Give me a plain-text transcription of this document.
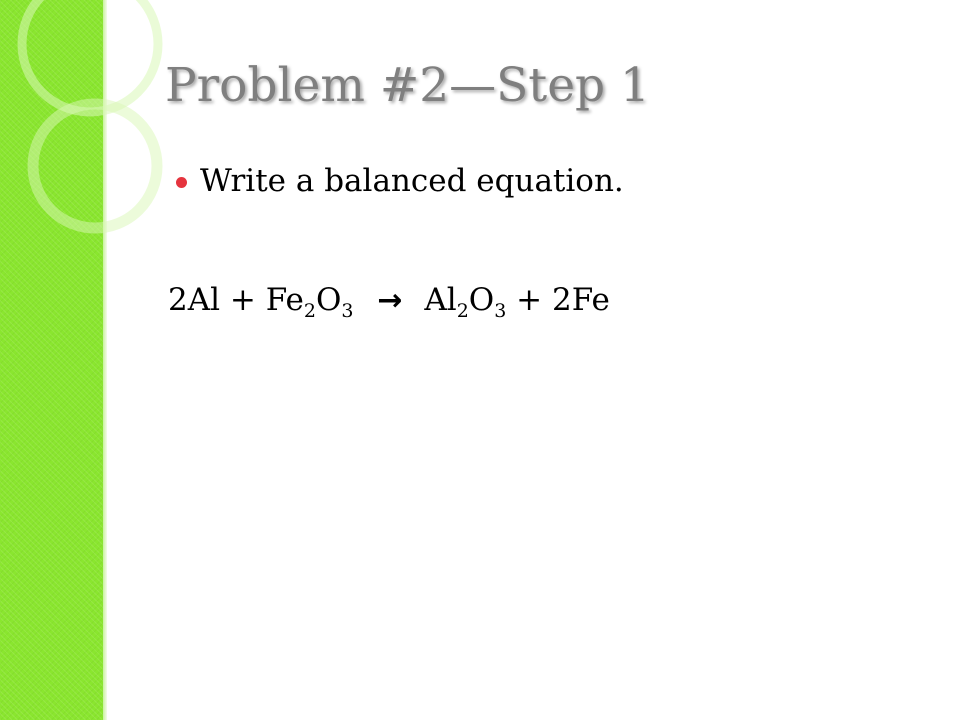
Problem #2—Step 1
Write a balanced equation.
$2Al + Fe_2O_3 \to Al_2O_3 + 2Fe$
